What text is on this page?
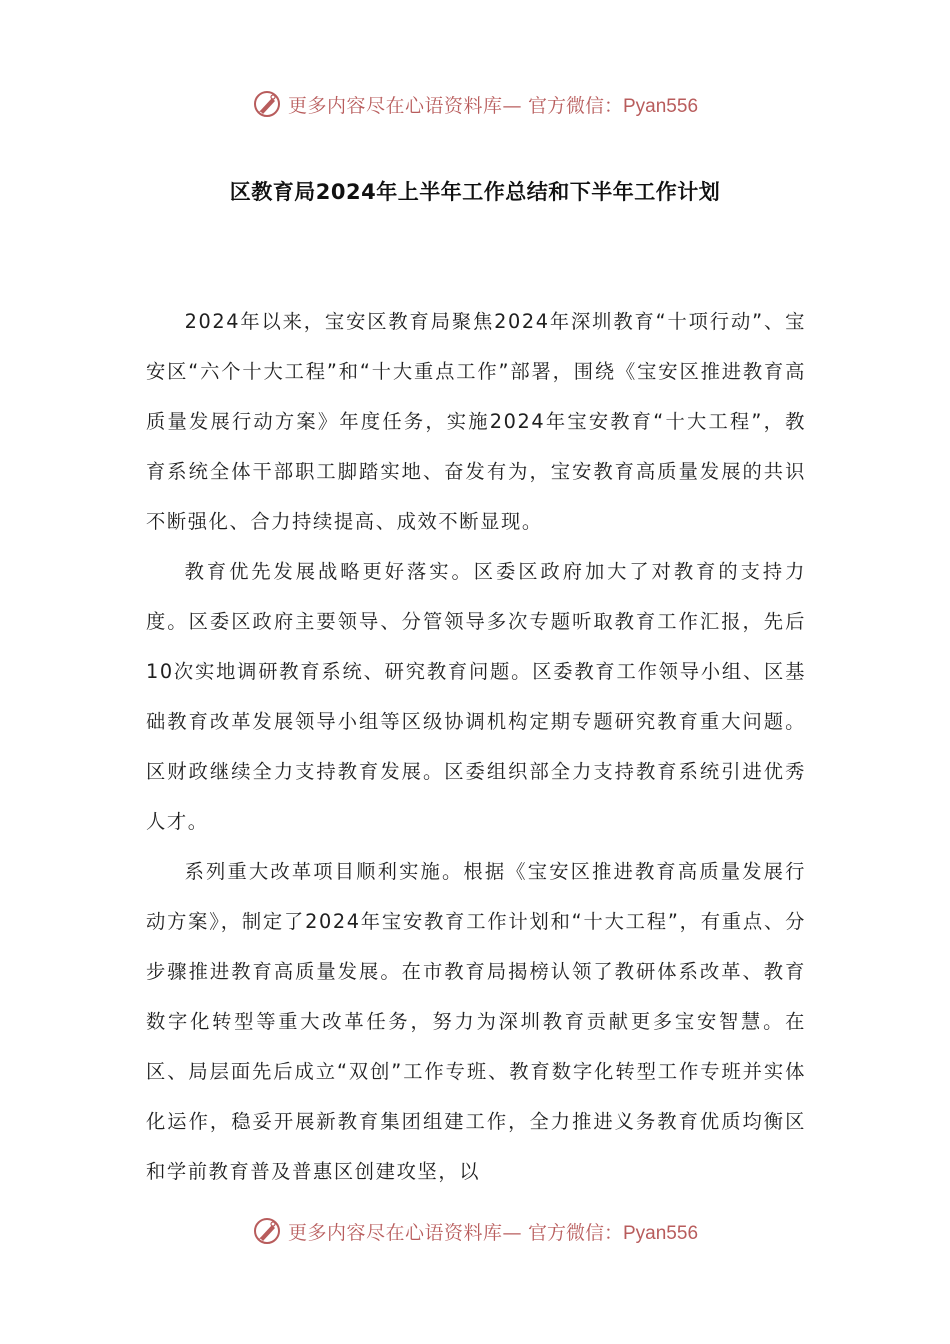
更多内容尽在心语资料库— 官方微信：Pyan556
区教育局2024年上半年工作总结和下半年工作计划

2024年以来，宝安区教育局聚焦2024年深圳教育“十项行动”、宝安区“六个十大工程”和“十大重点工作”部署，围绕《宝安区推进教育高质量发展行动方案》年度任务，实施2024年宝安教育“十大工程”，教育系统全体干部职工脚踏实地、奋发有为，宝安教育高质量发展的共识不断强化、合力持续提高、成效不断显现。

教育优先发展战略更好落实。区委区政府加大了对教育的支持力度。区委区政府主要领导、分管领导多次专题听取教育工作汇报，先后10次实地调研教育系统、研究教育问题。区委教育工作领导小组、区基础教育改革发展领导小组等区级协调机构定期专题研究教育重大问题。区财政继续全力支持教育发展。区委组织部全力支持教育系统引进优秀人才。

系列重大改革项目顺利实施。根据《宝安区推进教育高质量发展行动方案》，制定了2024年宝安教育工作计划和“十大工程”，有重点、分步骤推进教育高质量发展。在市教育局揭榜认领了教研体系改革、教育数字化转型等重大改革任务，努力为深圳教育贡献更多宝安智慧。在区、局层面先后成立“双创”工作专班、教育数字化转型工作专班并实体化运作，稳妥开展新教育集团组建工作，全力推进义务教育优质均衡区和学前教育普及普惠区创建攻坚，以

更多内容尽在心语资料库— 官方微信：Pyan556
